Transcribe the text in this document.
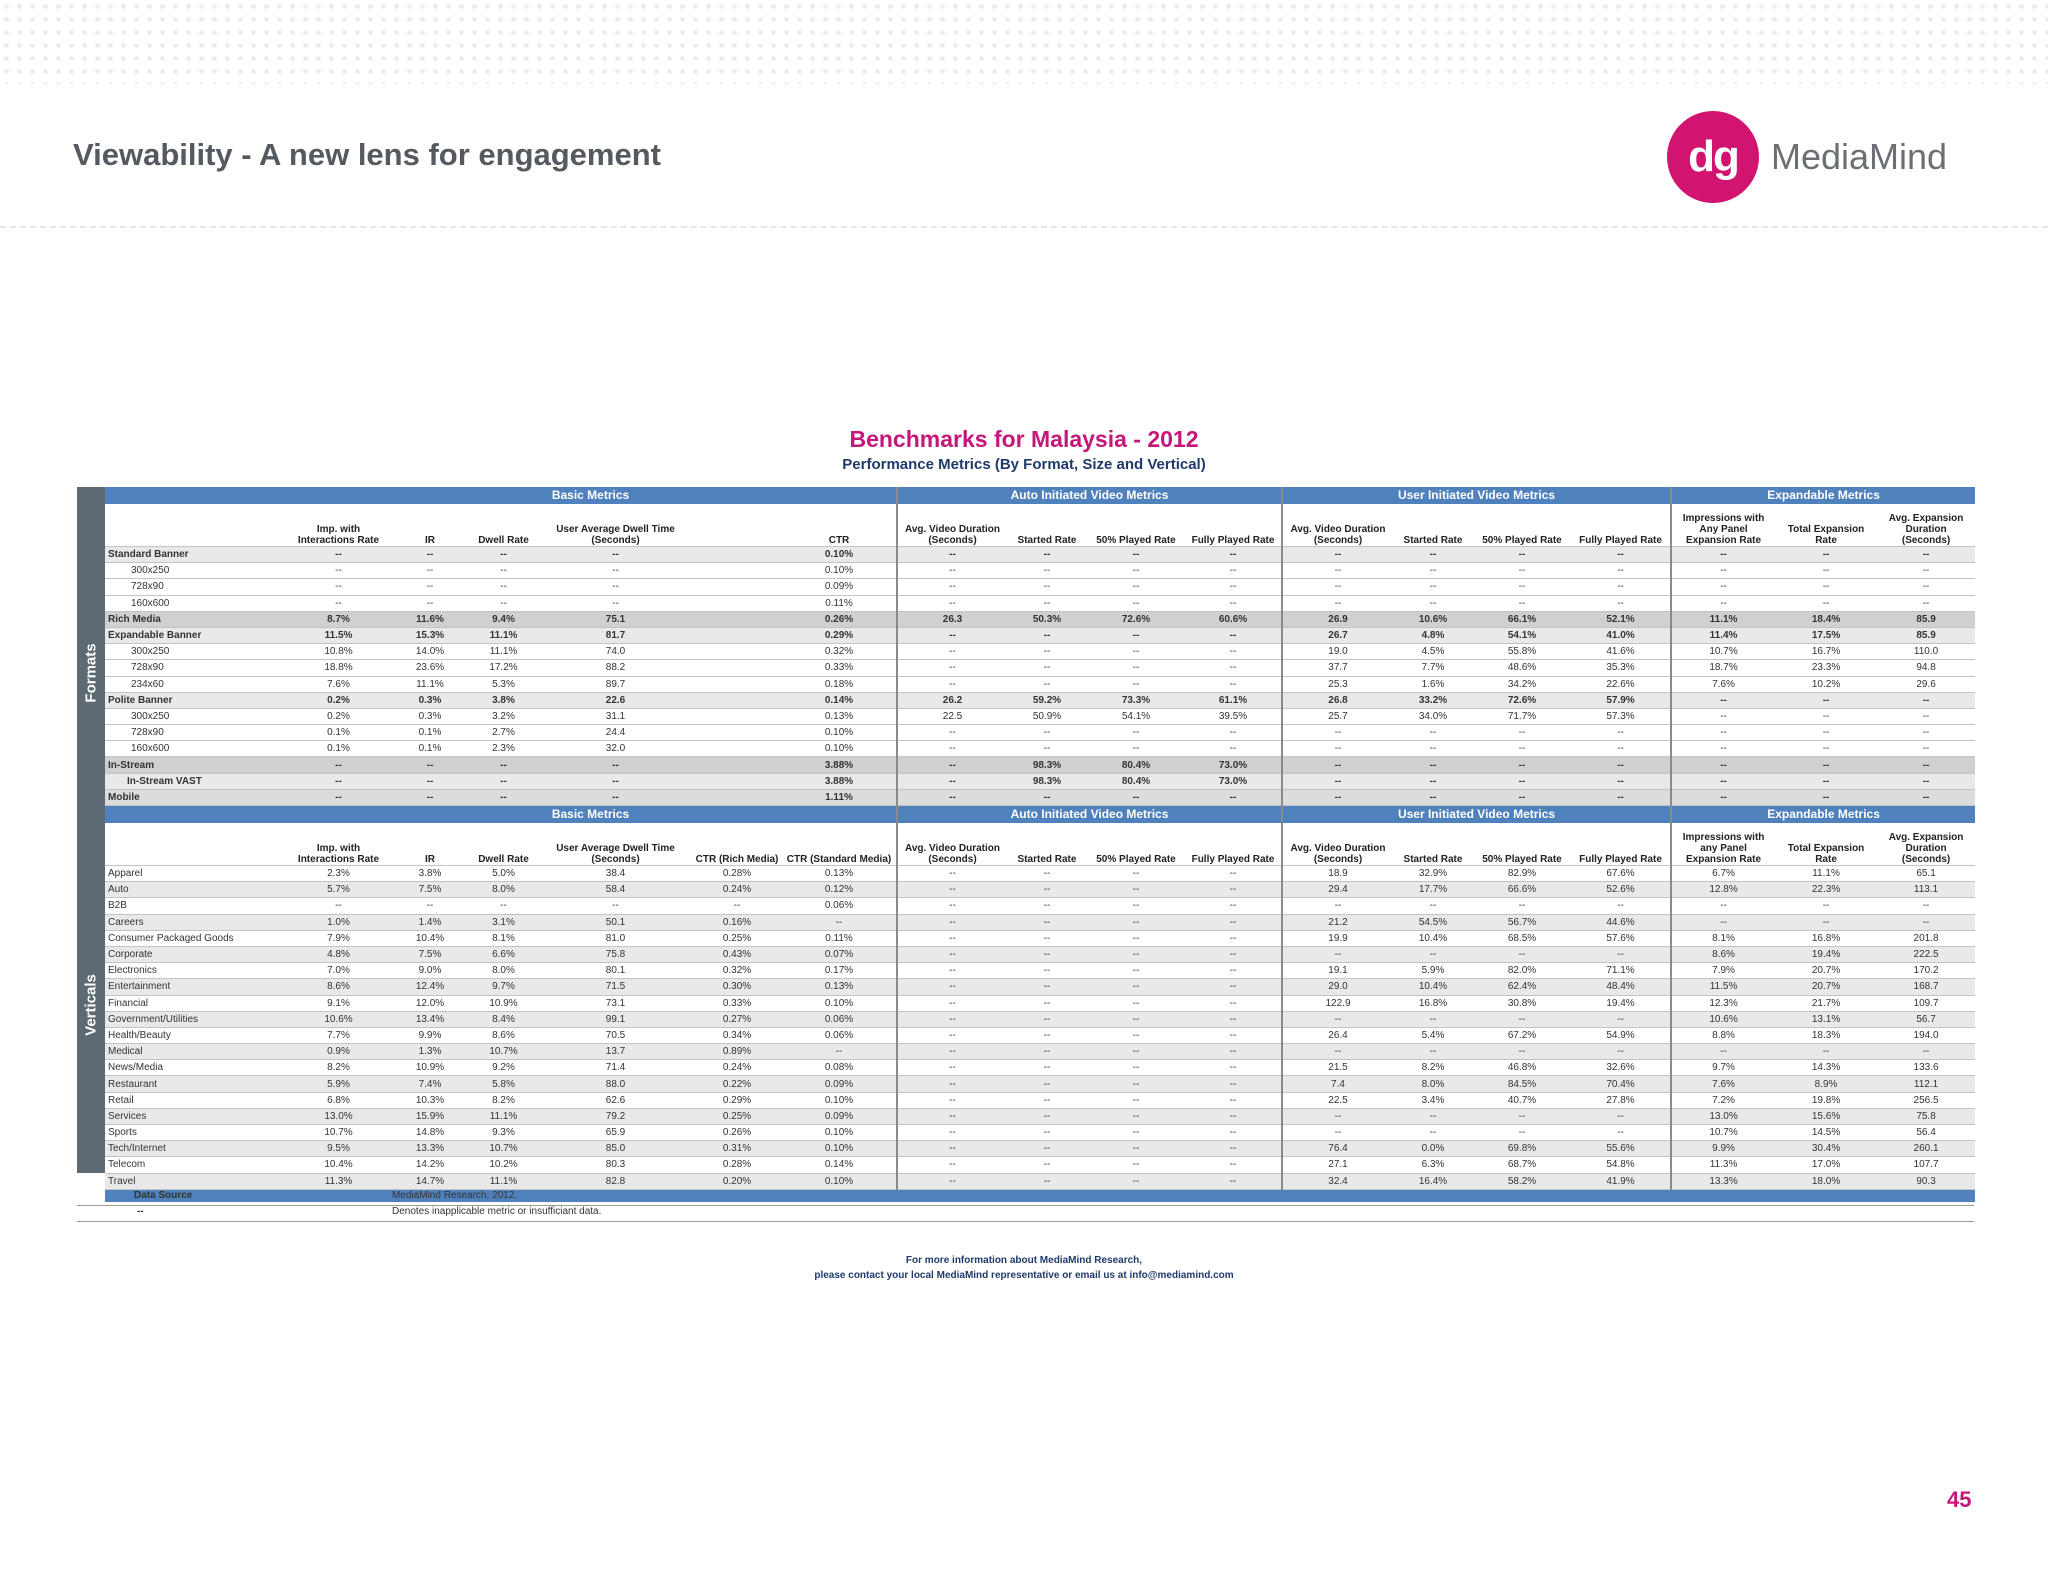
Viewability - A new lens for engagement	dg MediaMind
Benchmarks for Malaysia - 2012
Performance Metrics (By Format, Size and Vertical)
Formats
Verticals
	Basic Metrics						Auto Initiated Video Metrics				User Initiated Video Metrics				Expandable Metrics		
	Imp. with Interactions Rate	IR	Dwell Rate	User Average Dwell Time (Seconds)		CTR	Avg. Video Duration (Seconds)	Started Rate	50% Played Rate	Fully Played Rate	Avg. Video Duration (Seconds)	Started Rate	50% Played Rate	Fully Played Rate	Impressions with Any Panel Expansion Rate	Total Expansion Rate	Avg. Expansion Duration (Seconds)
Standard Banner	--	--	--	--		0.10%	--	--	--	--	--	--	--	--	--	--	--
300x250	--	--	--	--		0.10%	--	--	--	--	--	--	--	--	--	--	--
728x90	--	--	--	--		0.09%	--	--	--	--	--	--	--	--	--	--	--
160x600	--	--	--	--		0.11%	--	--	--	--	--	--	--	--	--	--	--
Rich Media	8.7%	11.6%	9.4%	75.1		0.26%	26.3	50.3%	72.6%	60.6%	26.9	10.6%	66.1%	52.1%	11.1%	18.4%	85.9
Expandable Banner	11.5%	15.3%	11.1%	81.7		0.29%	--	--	--	--	26.7	4.8%	54.1%	41.0%	11.4%	17.5%	85.9
300x250	10.8%	14.0%	11.1%	74.0		0.32%	--	--	--	--	19.0	4.5%	55.8%	41.6%	10.7%	16.7%	110.0
728x90	18.8%	23.6%	17.2%	88.2		0.33%	--	--	--	--	37.7	7.7%	48.6%	35.3%	18.7%	23.3%	94.8
234x60	7.6%	11.1%	5.3%	89.7		0.18%	--	--	--	--	25.3	1.6%	34.2%	22.6%	7.6%	10.2%	29.6
Polite Banner	0.2%	0.3%	3.8%	22.6		0.14%	26.2	59.2%	73.3%	61.1%	26.8	33.2%	72.6%	57.9%	--	--	--
300x250	0.2%	0.3%	3.2%	31.1		0.13%	22.5	50.9%	54.1%	39.5%	25.7	34.0%	71.7%	57.3%	--	--	--
728x90	0.1%	0.1%	2.7%	24.4		0.10%	--	--	--	--	--	--	--	--	--	--	--
160x600	0.1%	0.1%	2.3%	32.0		0.10%	--	--	--	--	--	--	--	--	--	--	--
In-Stream	--	--	--	--		3.88%	--	98.3%	80.4%	73.0%	--	--	--	--	--	--	--
In-Stream VAST	--	--	--	--		3.88%	--	98.3%	80.4%	73.0%	--	--	--	--	--	--	--
Mobile	--	--	--	--		1.11%	--	--	--	--	--	--	--	--	--	--	--
	Basic Metrics						Auto Initiated Video Metrics				User Initiated Video Metrics				Expandable Metrics		
	Imp. with Interactions Rate	IR	Dwell Rate	User Average Dwell Time (Seconds)	CTR (Rich Media)	CTR (Standard Media)	Avg. Video Duration (Seconds)	Started Rate	50% Played Rate	Fully Played Rate	Avg. Video Duration (Seconds)	Started Rate	50% Played Rate	Fully Played Rate	Impressions with any Panel Expansion Rate	Total Expansion Rate	Avg. Expansion Duration (Seconds)
Apparel	2.3%	3.8%	5.0%	38.4	0.28%	0.13%	--	--	--	--	18.9	32.9%	82.9%	67.6%	6.7%	11.1%	65.1
Auto	5.7%	7.5%	8.0%	58.4	0.24%	0.12%	--	--	--	--	29.4	17.7%	66.6%	52.6%	12.8%	22.3%	113.1
B2B	--	--	--	--	--	0.06%	--	--	--	--	--	--	--	--	--	--	--
Careers	1.0%	1.4%	3.1%	50.1	0.16%	--	--	--	--	--	21.2	54.5%	56.7%	44.6%	--	--	--
Consumer Packaged Goods	7.9%	10.4%	8.1%	81.0	0.25%	0.11%	--	--	--	--	19.9	10.4%	68.5%	57.6%	8.1%	16.8%	201.8
Corporate	4.8%	7.5%	6.6%	75.8	0.43%	0.07%	--	--	--	--	--	--	--	--	8.6%	19.4%	222.5
Electronics	7.0%	9.0%	8.0%	80.1	0.32%	0.17%	--	--	--	--	19.1	5.9%	82.0%	71.1%	7.9%	20.7%	170.2
Entertainment	8.6%	12.4%	9.7%	71.5	0.30%	0.13%	--	--	--	--	29.0	10.4%	62.4%	48.4%	11.5%	20.7%	168.7
Financial	9.1%	12.0%	10.9%	73.1	0.33%	0.10%	--	--	--	--	122.9	16.8%	30.8%	19.4%	12.3%	21.7%	109.7
Government/Utilities	10.6%	13.4%	8.4%	99.1	0.27%	0.06%	--	--	--	--	--	--	--	--	10.6%	13.1%	56.7
Health/Beauty	7.7%	9.9%	8.6%	70.5	0.34%	0.06%	--	--	--	--	26.4	5.4%	67.2%	54.9%	8.8%	18.3%	194.0
Medical	0.9%	1.3%	10.7%	13.7	0.89%	--	--	--	--	--	--	--	--	--	--	--	--
News/Media	8.2%	10.9%	9.2%	71.4	0.24%	0.08%	--	--	--	--	21.5	8.2%	46.8%	32.6%	9.7%	14.3%	133.6
Restaurant	5.9%	7.4%	5.8%	88.0	0.22%	0.09%	--	--	--	--	7.4	8.0%	84.5%	70.4%	7.6%	8.9%	112.1
Retail	6.8%	10.3%	8.2%	62.6	0.29%	0.10%	--	--	--	--	22.5	3.4%	40.7%	27.8%	7.2%	19.8%	256.5
Services	13.0%	15.9%	11.1%	79.2	0.25%	0.09%	--	--	--	--	--	--	--	--	13.0%	15.6%	75.8
Sports	10.7%	14.8%	9.3%	65.9	0.26%	0.10%	--	--	--	--	--	--	--	--	10.7%	14.5%	56.4
Tech/Internet	9.5%	13.3%	10.7%	85.0	0.31%	0.10%	--	--	--	--	76.4	0.0%	69.8%	55.6%	9.9%	30.4%	260.1
Telecom	10.4%	14.2%	10.2%	80.3	0.28%	0.14%	--	--	--	--	27.1	6.3%	68.7%	54.8%	11.3%	17.0%	107.7
Travel	11.3%	14.7%	11.1%	82.8	0.20%	0.10%	--	--	--	--	32.4	16.4%	58.2%	41.9%	13.3%	18.0%	90.3

Data Source	MediaMind Research, 2012.
--	Denotes inapplicable metric or insufficiant data.
For more information about MediaMind Research,
please contact your local MediaMind representative or email us at info@mediamind.com
45
